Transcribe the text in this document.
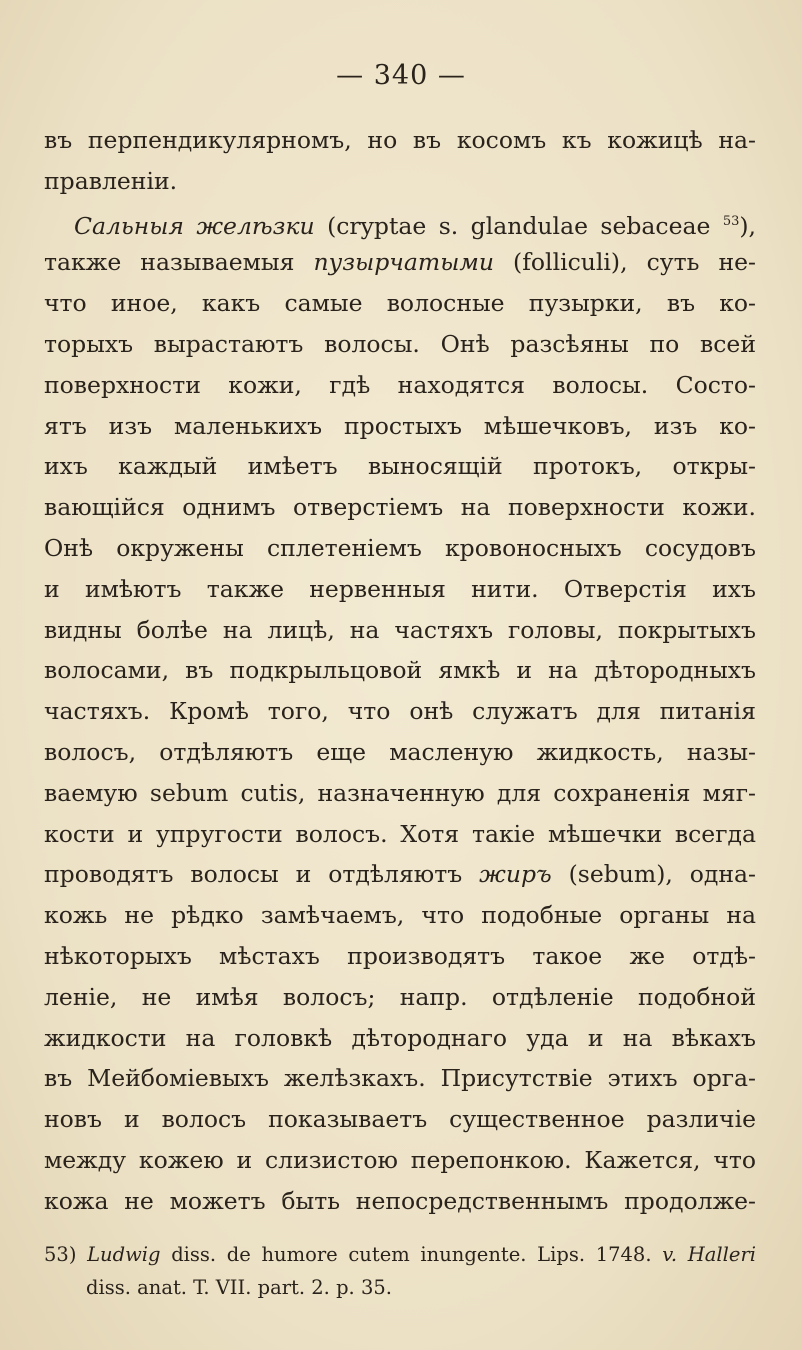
— 340 —
въ перпендикулярномъ, но въ косомъ къ кожицѣ на-
правленіи.
Сальныя желѣзки (cryptae s. glandulae sebaceae $^{53}$),
также называемыя пузырчатыми (folliculi), суть не-
что иное, какъ самые волосные пузырки, въ ко-
торыхъ вырастаютъ волосы. Онѣ разсѣяны по всей
поверхности кожи, гдѣ находятся волосы. Состо-
ятъ изъ маленькихъ простыхъ мѣшечковъ, изъ ко-
ихъ каждый имѣетъ выносящій протокъ, откры-
вающійся однимъ отверстіемъ на поверхности кожи.
Онѣ окружены сплетеніемъ кровоносныхъ сосудовъ
и имѣютъ также нервенныя нити. Отверстія ихъ
видны болѣе на лицѣ, на частяхъ головы, покрытыхъ
волосами, въ подкрыльцовой ямкѣ и на дѣтородныхъ
частяхъ. Кромѣ того, что онѣ служатъ для питанія
волосъ, отдѣляютъ еще масленую жидкость, назы-
ваемую sebum cutis, назначенную для сохраненія мяг-
кости и упругости волосъ. Хотя такіе мѣшечки всегда
проводятъ волосы и отдѣляютъ жиръ (sebum), одна-
кожь не рѣдко замѣчаемъ, что подобные органы на
нѣкоторыхъ мѣстахъ производятъ такое же отдѣ-
леніе, не имѣя волосъ; напр. отдѣленіе подобной
жидкости на головкѣ дѣтороднаго уда и на вѣкахъ
въ Мейбоміевыхъ желѣзкахъ. Присутствіе этихъ орга-
новъ и волосъ показываетъ существенное различіе
между кожею и слизистою перепонкою. Кажется, что
кожа не можетъ быть непосредственнымъ продолже-
53) Ludwig diss. de humore cutem inungente. Lips. 1748. v. Halleri
diss. anat. T. VII. part. 2. p. 35.
